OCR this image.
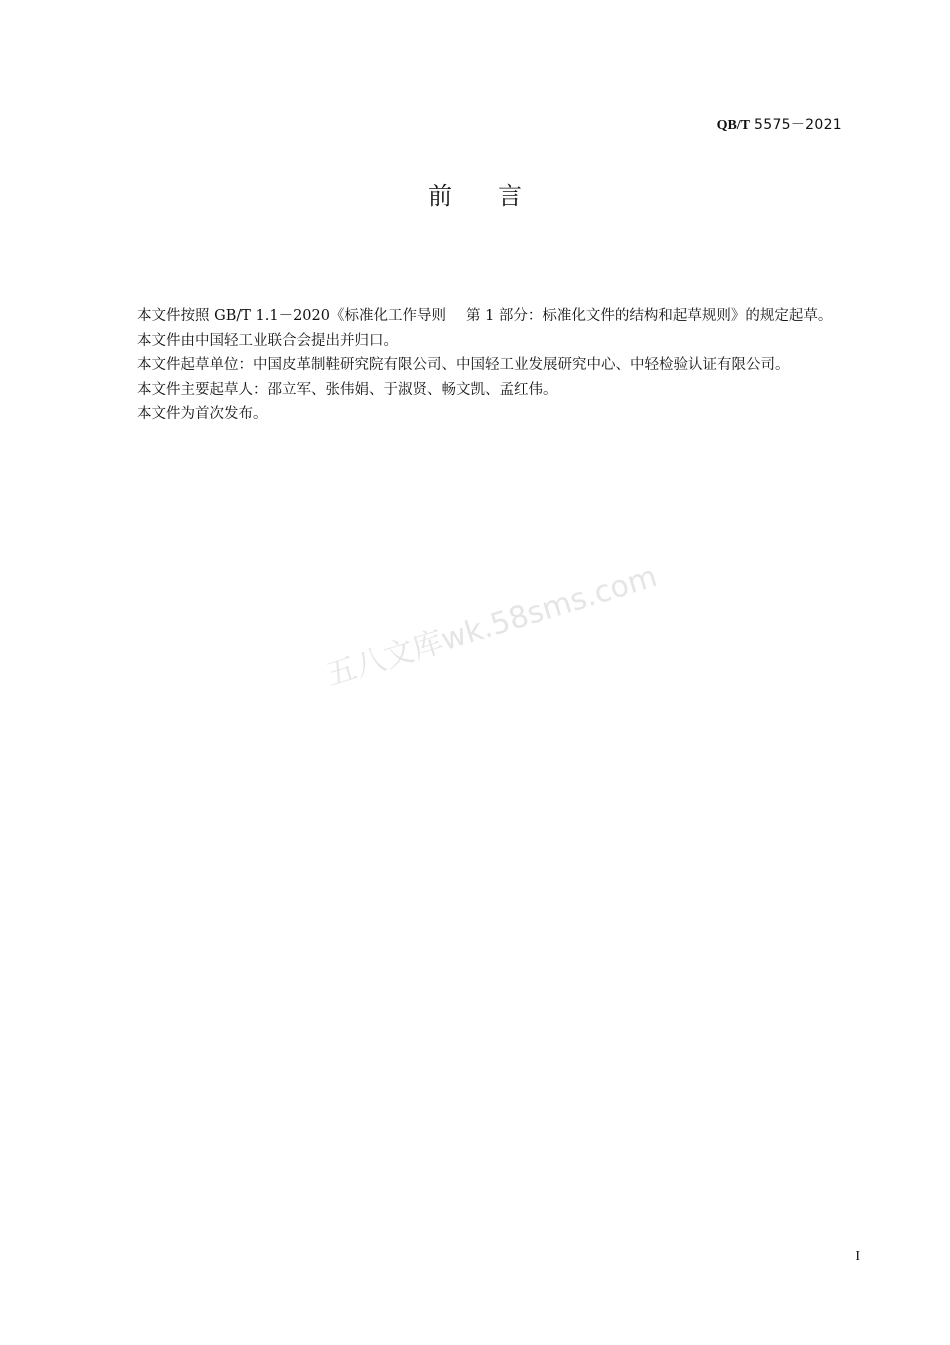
QB/T 5575－2021
前言

本文件按照 GB/T 1.1－2020《标准化工作导则 第 1 部分：标准化文件的结构和起草规则》的规定起草。

本文件由中国轻工业联合会提出并归口。

本文件起草单位：中国皮革制鞋研究院有限公司、中国轻工业发展研究中心、中轻检验认证有限公司。

本文件主要起草人：邵立军、张伟娟、于淑贤、畅文凯、孟红伟。

本文件为首次发布。

五八文库wk.58sms.com
I
